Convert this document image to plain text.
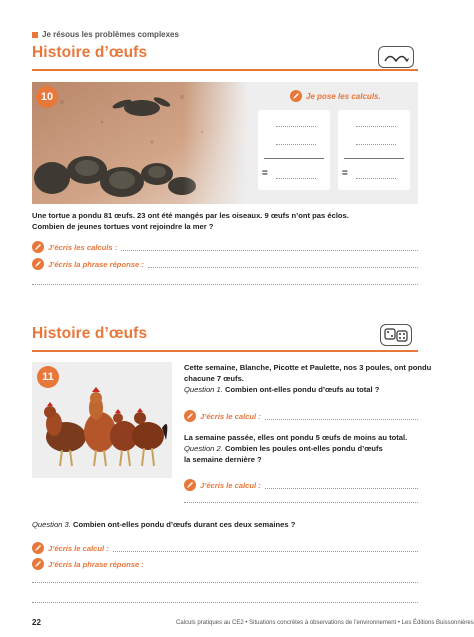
Je résous les problèmes complexes
Histoire d’œufs
10	Je pose les calculs.
=	=
Une tortue a pondu 81 œufs. 23 ont été mangés par les oiseaux. 9 œufs n’ont pas éclos.
Combien de jeunes tortues vont rejoindre la mer ?
J’écris les calculs :
J’écris la phrase réponse :
Histoire d’œufs
11
Cette semaine, Blanche, Picotte et Paulette, nos 3 poules, ont pondu
chacune 7 œufs.
Question 1. Combien ont-elles pondu d’œufs au total ?
J’écris le calcul :
La semaine passée, elles ont pondu 5 œufs de moins au total.
Question 2. Combien les poules ont-elles pondu d’œufs
la semaine dernière ?
J’écris le calcul :
Question 3. Combien ont-elles pondu d’œufs durant ces deux semaines ?
J’écris le calcul :
J’écris la phrase réponse :
22	Calculs pratiques au CE2 • Situations concrètes à observations de l’environnement • Les Éditions Buissonnières
